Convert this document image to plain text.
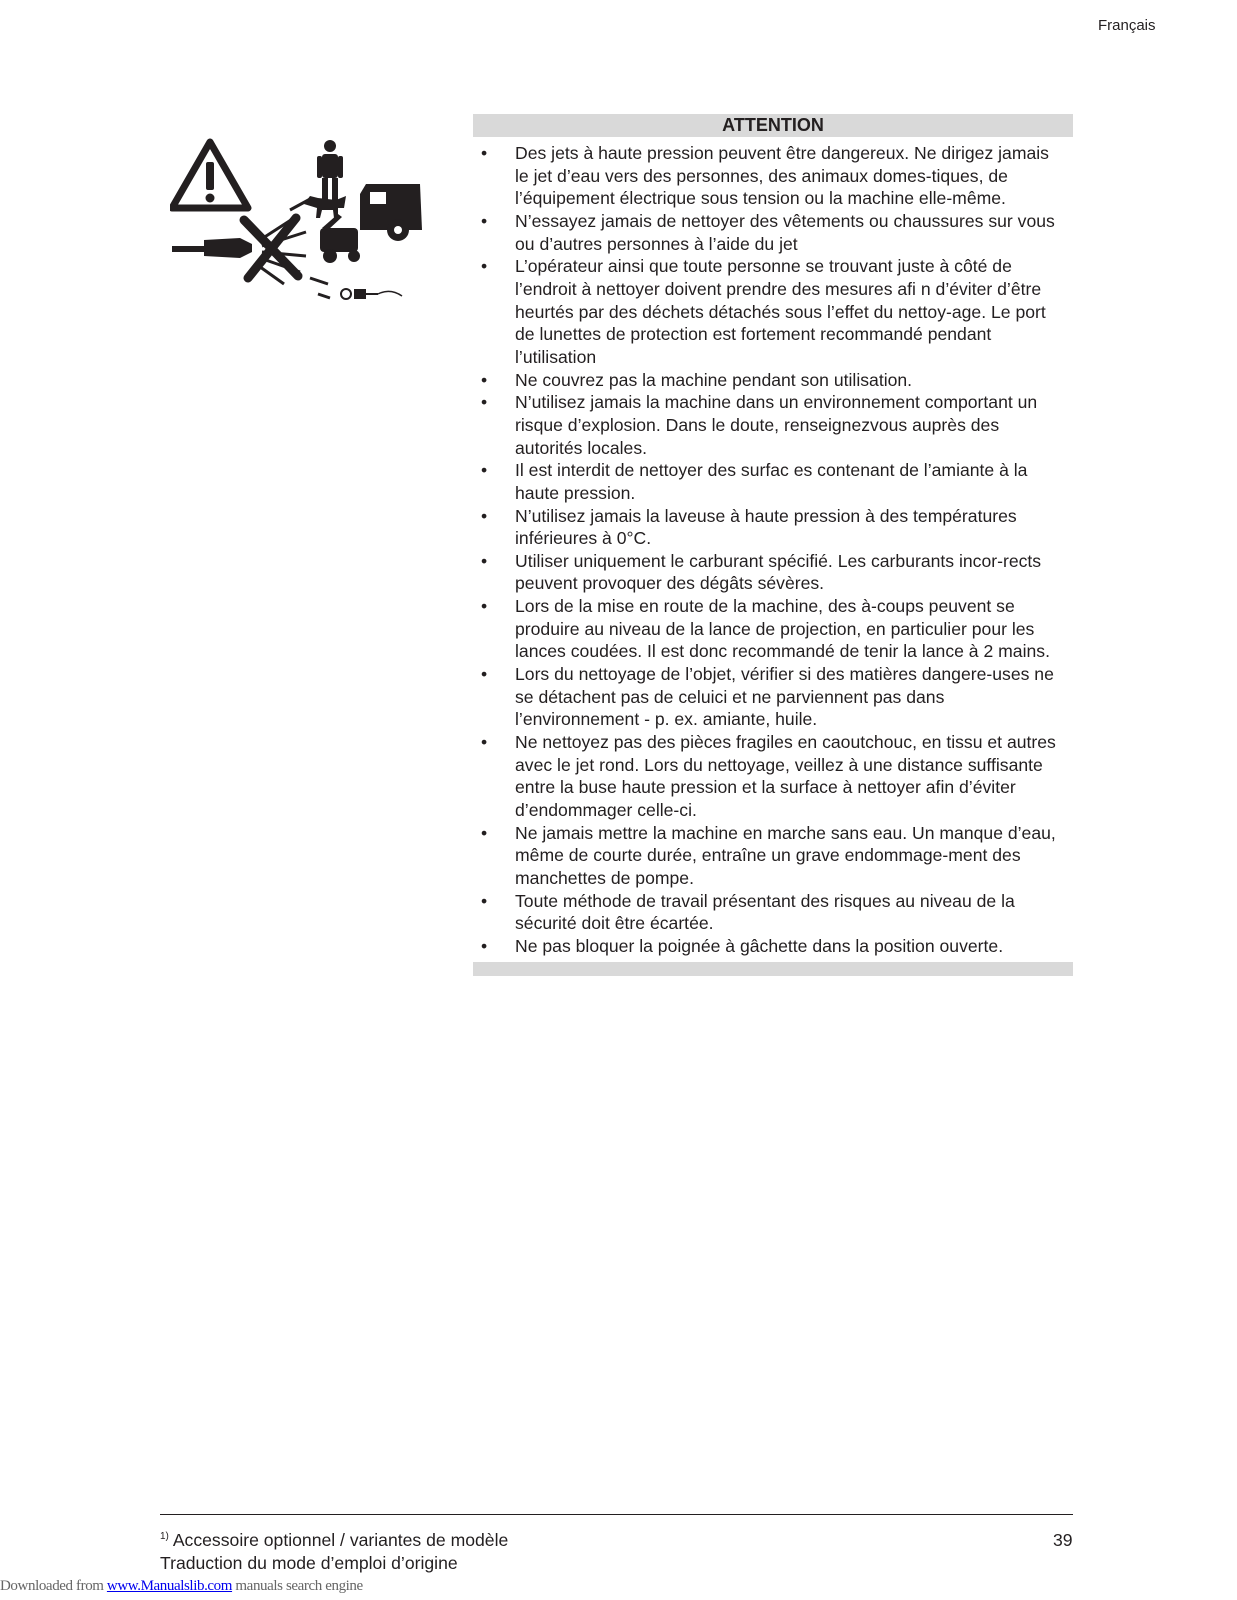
Français
ATTENTION
• Des jets à haute pression peuvent être dangereux. Ne dirigez jamais le jet d’eau vers des personnes, des animaux domes-tiques, de l’équipement électrique sous tension ou la machine elle-même.
• N’essayez jamais de nettoyer des vêtements ou chaussures sur vous ou d’autres personnes à l’aide du jet
• L’opérateur ainsi que toute personne se trouvant juste à côté de l’endroit à nettoyer doivent prendre des mesures afi n d’éviter d’être heurtés par des déchets détachés sous l’effet du nettoy-age. Le port de lunettes de protection est fortement recommandé pendant l’utilisation
• Ne couvrez pas la machine pendant son utilisation.
• N’utilisez jamais la machine dans un environnement comportant un risque d’explosion. Dans le doute, renseignezvous auprès des autorités locales.
• Il est interdit de nettoyer des surfac es contenant de l’amiante à la haute pression.
• N’utilisez jamais la laveuse à haute pression à des températures inférieures à 0°C.
• Utiliser uniquement le carburant spécifié. Les carburants incor-rects peuvent provoquer des dégâts sévères.
• Lors de la mise en route de la machine, des à-coups peuvent se produire au niveau de la lance de projection, en particulier pour les lances coudées. Il est donc recommandé de tenir la lance à 2 mains.
• Lors du nettoyage de l’objet, vérifier si des matières dangere-uses ne se détachent pas de celuici et ne parviennent pas dans l’environnement - p. ex. amiante, huile.
• Ne nettoyez pas des pièces fragiles en caoutchouc, en tissu et autres avec le jet rond. Lors du nettoyage, veillez à une distance suffisante entre la buse haute pression et la surface à nettoyer afin d’éviter d’endommager celle-ci.
• Ne jamais mettre la machine en marche sans eau. Un manque d’eau, même de courte durée, entraîne un grave endommage-ment des manchettes de pompe.
• Toute méthode de travail présentant des risques au niveau de la sécurité doit être écartée.
• Ne pas bloquer la poignée à gâchette dans la position ouverte.
$^{1)}$ Accessoire optionnel / variantes de modèle
Traduction du mode d’emploi d’origine
39
Downloaded from www.Manualslib.com manuals search engine
